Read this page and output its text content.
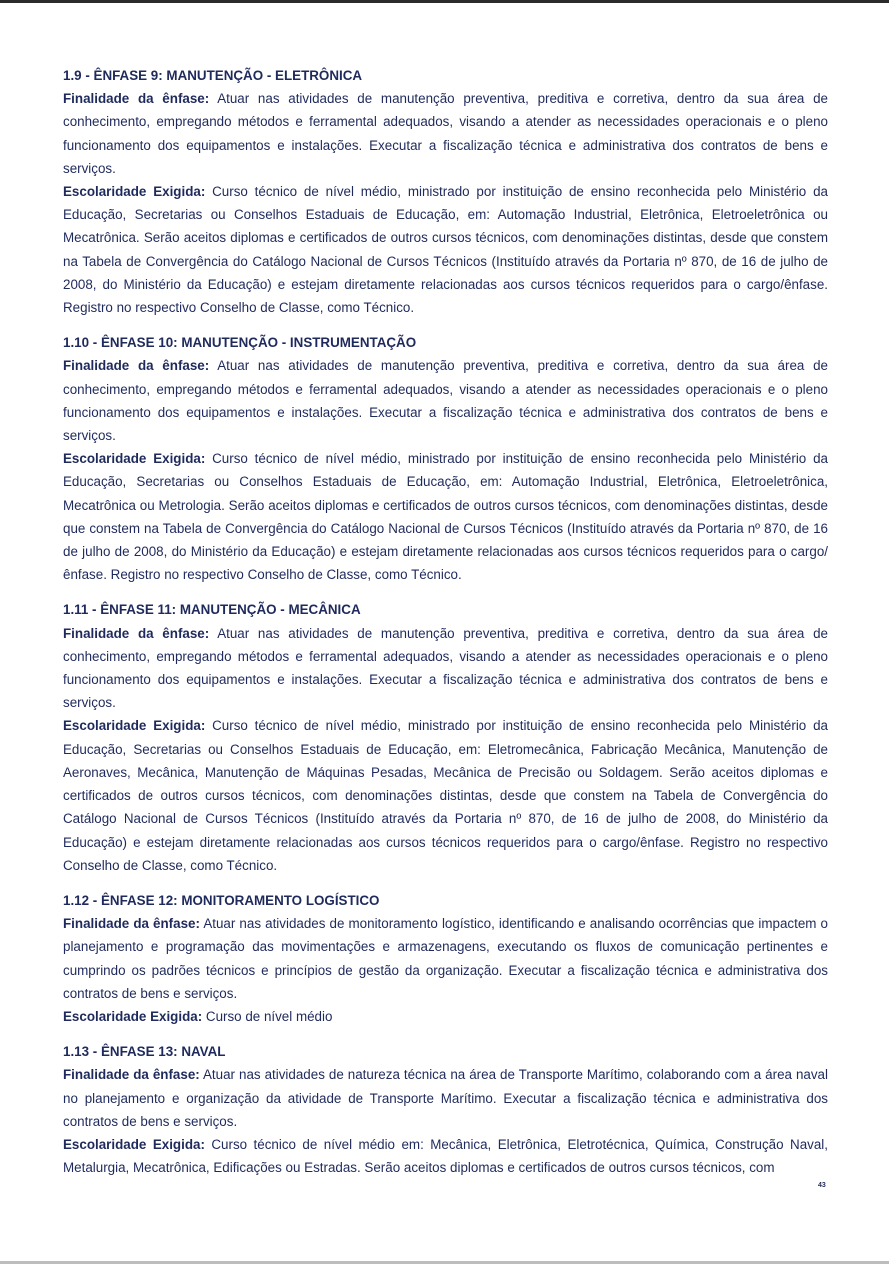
1.9 - ÊNFASE 9: MANUTENÇÃO - ELETRÔNICA

Finalidade da ênfase: Atuar nas atividades de manutenção preventiva, preditiva e corretiva, dentro da sua área de conhecimento, empregando métodos e ferramental adequados, visando a atender as necessidades operacionais e o pleno funcionamento dos equipamentos e instalações. Executar a fiscalização técnica e administrativa dos contratos de bens e serviços.

Escolaridade Exigida: Curso técnico de nível médio, ministrado por instituição de ensino reconhecida pelo Ministério da Educação, Secretarias ou Conselhos Estaduais de Educação, em: Automação Industrial, Eletrônica, Eletroeletrônica ou Mecatrônica. Serão aceitos diplomas e certificados de outros cursos técnicos, com denominações distintas, desde que constem na Tabela de Convergência do Catálogo Nacional de Cursos Técnicos (Instituído através da Portaria nº 870, de 16 de julho de 2008, do Ministério da Educação) e estejam diretamente relacionadas aos cursos técnicos requeridos para o cargo/ênfase. Registro no respectivo Conselho de Classe, como Técnico.

1.10 - ÊNFASE 10: MANUTENÇÃO - INSTRUMENTAÇÃO

Finalidade da ênfase: Atuar nas atividades de manutenção preventiva, preditiva e corretiva, dentro da sua área de conhecimento, empregando métodos e ferramental adequados, visando a atender as necessidades operacionais e o pleno funcionamento dos equipamentos e instalações. Executar a fiscalização técnica e administrativa dos contratos de bens e serviços.

Escolaridade Exigida: Curso técnico de nível médio, ministrado por instituição de ensino reconhecida pelo Ministério da Educação, Secretarias ou Conselhos Estaduais de Educação, em: Automação Industrial, Eletrônica, Eletroeletrônica, Mecatrônica ou Metrologia. Serão aceitos diplomas e certificados de outros cursos técnicos, com denominações distintas, desde que constem na Tabela de Convergência do Catálogo Nacional de Cursos Técnicos (Instituído através da Portaria nº 870, de 16 de julho de 2008, do Ministério da Educação) e estejam diretamente relacionadas aos cursos técnicos requeridos para o cargo/ênfase. Registro no respectivo Conselho de Classe, como Técnico.

1.11 - ÊNFASE 11: MANUTENÇÃO - MECÂNICA

Finalidade da ênfase: Atuar nas atividades de manutenção preventiva, preditiva e corretiva, dentro da sua área de conhecimento, empregando métodos e ferramental adequados, visando a atender as necessidades operacionais e o pleno funcionamento dos equipamentos e instalações. Executar a fiscalização técnica e administrativa dos contratos de bens e serviços.

Escolaridade Exigida: Curso técnico de nível médio, ministrado por instituição de ensino reconhecida pelo Ministério da Educação, Secretarias ou Conselhos Estaduais de Educação, em: Eletromecânica, Fabricação Mecânica, Manutenção de Aeronaves, Mecânica, Manutenção de Máquinas Pesadas, Mecânica de Precisão ou Soldagem. Serão aceitos diplomas e certificados de outros cursos técnicos, com denominações distintas, desde que constem na Tabela de Convergência do Catálogo Nacional de Cursos Técnicos (Instituído através da Portaria nº 870, de 16 de julho de 2008, do Ministério da Educação) e estejam diretamente relacionadas aos cursos técnicos requeridos para o cargo/ênfase. Registro no respectivo Conselho de Classe, como Técnico.

1.12 - ÊNFASE 12: MONITORAMENTO LOGÍSTICO

Finalidade da ênfase: Atuar nas atividades de monitoramento logístico, identificando e analisando ocorrências que impactem o planejamento e programação das movimentações e armazenagens, executando os fluxos de comunicação pertinentes e cumprindo os padrões técnicos e princípios de gestão da organização. Executar a fiscalização técnica e administrativa dos contratos de bens e serviços.

Escolaridade Exigida: Curso de nível médio

1.13 - ÊNFASE 13: NAVAL

Finalidade da ênfase: Atuar nas atividades de natureza técnica na área de Transporte Marítimo, colaborando com a área naval no planejamento e organização da atividade de Transporte Marítimo. Executar a fiscalização técnica e administrativa dos contratos de bens e serviços.

Escolaridade Exigida: Curso técnico de nível médio em: Mecânica, Eletrônica, Eletrotécnica, Química, Construção Naval, Metalurgia, Mecatrônica, Edificações ou Estradas. Serão aceitos diplomas e certificados de outros cursos técnicos, com

43
